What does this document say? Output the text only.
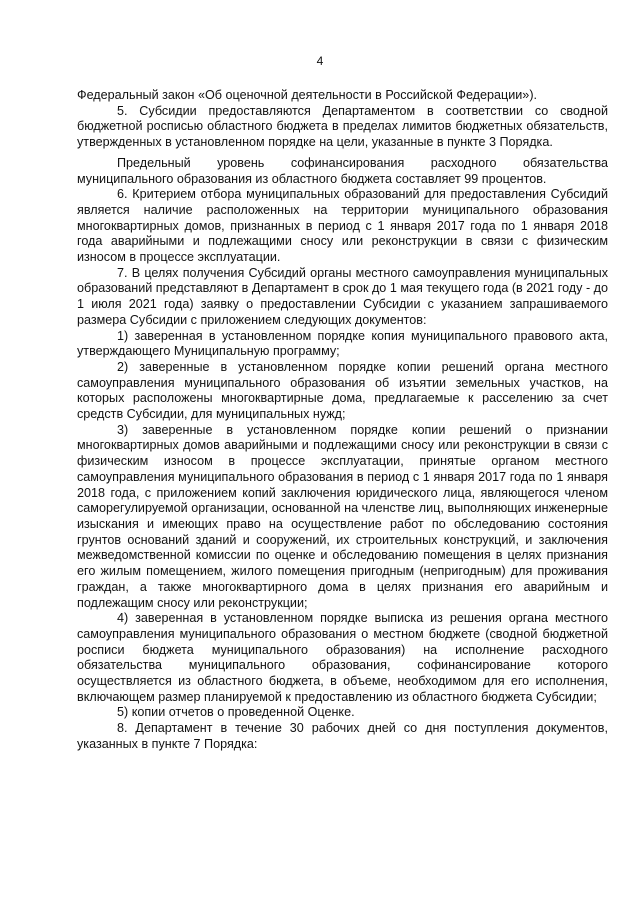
4

Федеральный закон «Об оценочной деятельности в Российской Федерации»).

5. Субсидии предоставляются Департаментом в соответствии со сводной бюджетной росписью областного бюджета в пределах лимитов бюджетных обязательств, утвержденных в установленном порядке на цели, указанные в пункте 3 Порядка.

Предельный уровень софинансирования расходного обязательства муниципального образования из областного бюджета составляет 99 процентов.

6. Критерием отбора муниципальных образований для предоставления Субсидий является наличие расположенных на территории муниципального образования многоквартирных домов, признанных в период с 1 января 2017 года по 1 января 2018 года аварийными и подлежащими сносу или реконструкции в связи с физическим износом в процессе эксплуатации.

7. В целях получения Субсидий органы местного самоуправления муниципальных образований представляют в Департамент в срок до 1 мая текущего года (в 2021 году - до 1 июля 2021 года) заявку о предоставлении Субсидии с указанием запрашиваемого размера Субсидии с приложением следующих документов:

1) заверенная в установленном порядке копия муниципального правового акта, утверждающего Муниципальную программу;

2) заверенные в установленном порядке копии решений органа местного самоуправления муниципального образования об изъятии земельных участков, на которых расположены многоквартирные дома, предлагаемые к расселению за счет средств Субсидии, для муниципальных нужд;

3) заверенные в установленном порядке копии решений о признании многоквартирных домов аварийными и подлежащими сносу или реконструкции в связи с физическим износом в процессе эксплуатации, принятые органом местного самоуправления муниципального образования в период с 1 января 2017 года по 1 января 2018 года, с приложением копий заключения юридического лица, являющегося членом саморегулируемой организации, основанной на членстве лиц, выполняющих инженерные изыскания и имеющих право на осуществление работ по обследованию состояния грунтов оснований зданий и сооружений, их строительных конструкций, и заключения межведомственной комиссии по оценке и обследованию помещения в целях признания его жилым помещением, жилого помещения пригодным (непригодным) для проживания граждан, а также многоквартирного дома в целях признания его аварийным и подлежащим сносу или реконструкции;

4) заверенная в установленном порядке выписка из решения органа местного самоуправления муниципального образования о местном бюджете (сводной бюджетной росписи бюджета муниципального образования) на исполнение расходного обязательства муниципального образования, софинансирование которого осуществляется из областного бюджета, в объеме, необходимом для его исполнения, включающем размер планируемой к предоставлению из областного бюджета Субсидии;

5) копии отчетов о проведенной Оценке.

8. Департамент в течение 30 рабочих дней со дня поступления документов, указанных в пункте 7 Порядка:
